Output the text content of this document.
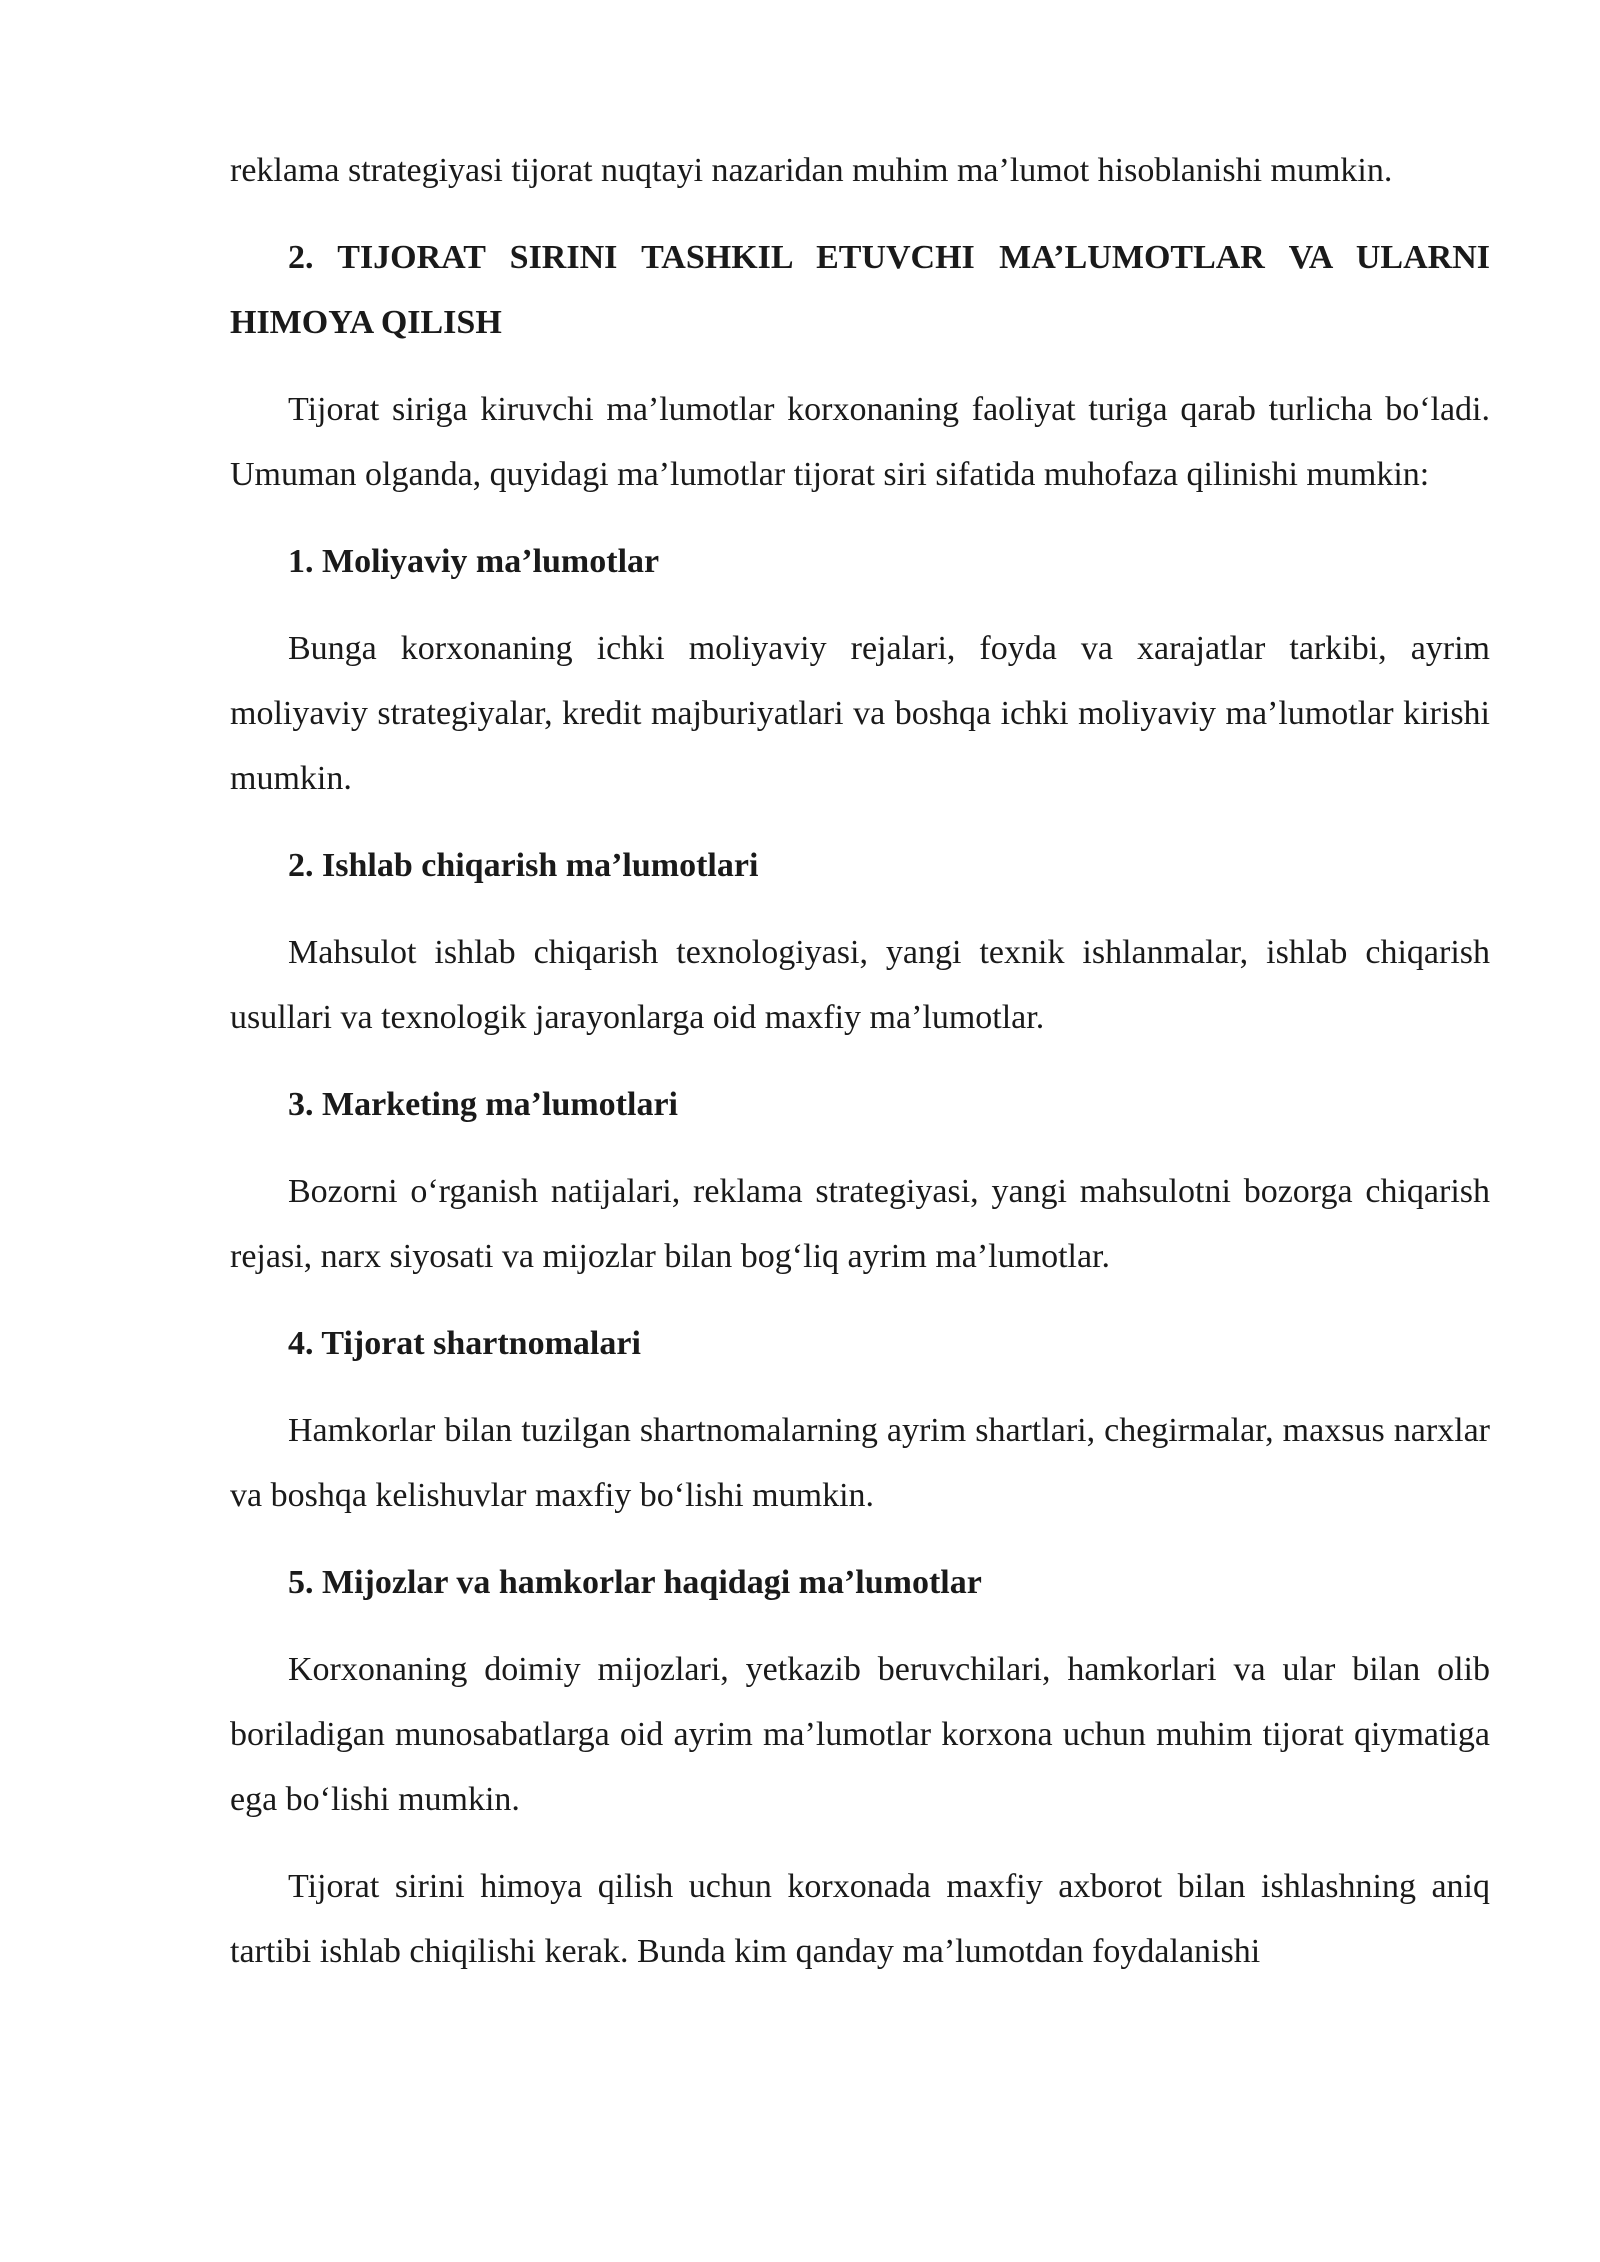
reklama strategiyasi tijorat nuqtayi nazaridan muhim ma’lumot hisoblanishi mumkin.

2. TIJORAT SIRINI TASHKIL ETUVCHI MA’LUMOTLAR VA ULARNI HIMOYA QILISH

Tijorat siriga kiruvchi ma’lumotlar korxonaning faoliyat turiga qarab turlicha bo‘ladi. Umuman olganda, quyidagi ma’lumotlar tijorat siri sifatida muhofaza qilinishi mumkin:

1. Moliyaviy ma’lumotlar

Bunga korxonaning ichki moliyaviy rejalari, foyda va xarajatlar tarkibi, ayrim moliyaviy strategiyalar, kredit majburiyatlari va boshqa ichki moliyaviy ma’lumotlar kirishi mumkin.

2. Ishlab chiqarish ma’lumotlari

Mahsulot ishlab chiqarish texnologiyasi, yangi texnik ishlanmalar, ishlab chiqarish usullari va texnologik jarayonlarga oid maxfiy ma’lumotlar.

3. Marketing ma’lumotlari

Bozorni o‘rganish natijalari, reklama strategiyasi, yangi mahsulotni bozorga chiqarish rejasi, narx siyosati va mijozlar bilan bog‘liq ayrim ma’lumotlar.

4. Tijorat shartnomalari

Hamkorlar bilan tuzilgan shartnomalarning ayrim shartlari, chegirmalar, maxsus narxlar va boshqa kelishuvlar maxfiy bo‘lishi mumkin.

5. Mijozlar va hamkorlar haqidagi ma’lumotlar

Korxonaning doimiy mijozlari, yetkazib beruvchilari, hamkorlari va ular bilan olib boriladigan munosabatlarga oid ayrim ma’lumotlar korxona uchun muhim tijorat qiymatiga ega bo‘lishi mumkin.

Tijorat sirini himoya qilish uchun korxonada maxfiy axborot bilan ishlashning aniq tartibi ishlab chiqilishi kerak. Bunda kim qanday ma’lumotdan foydalanishi
